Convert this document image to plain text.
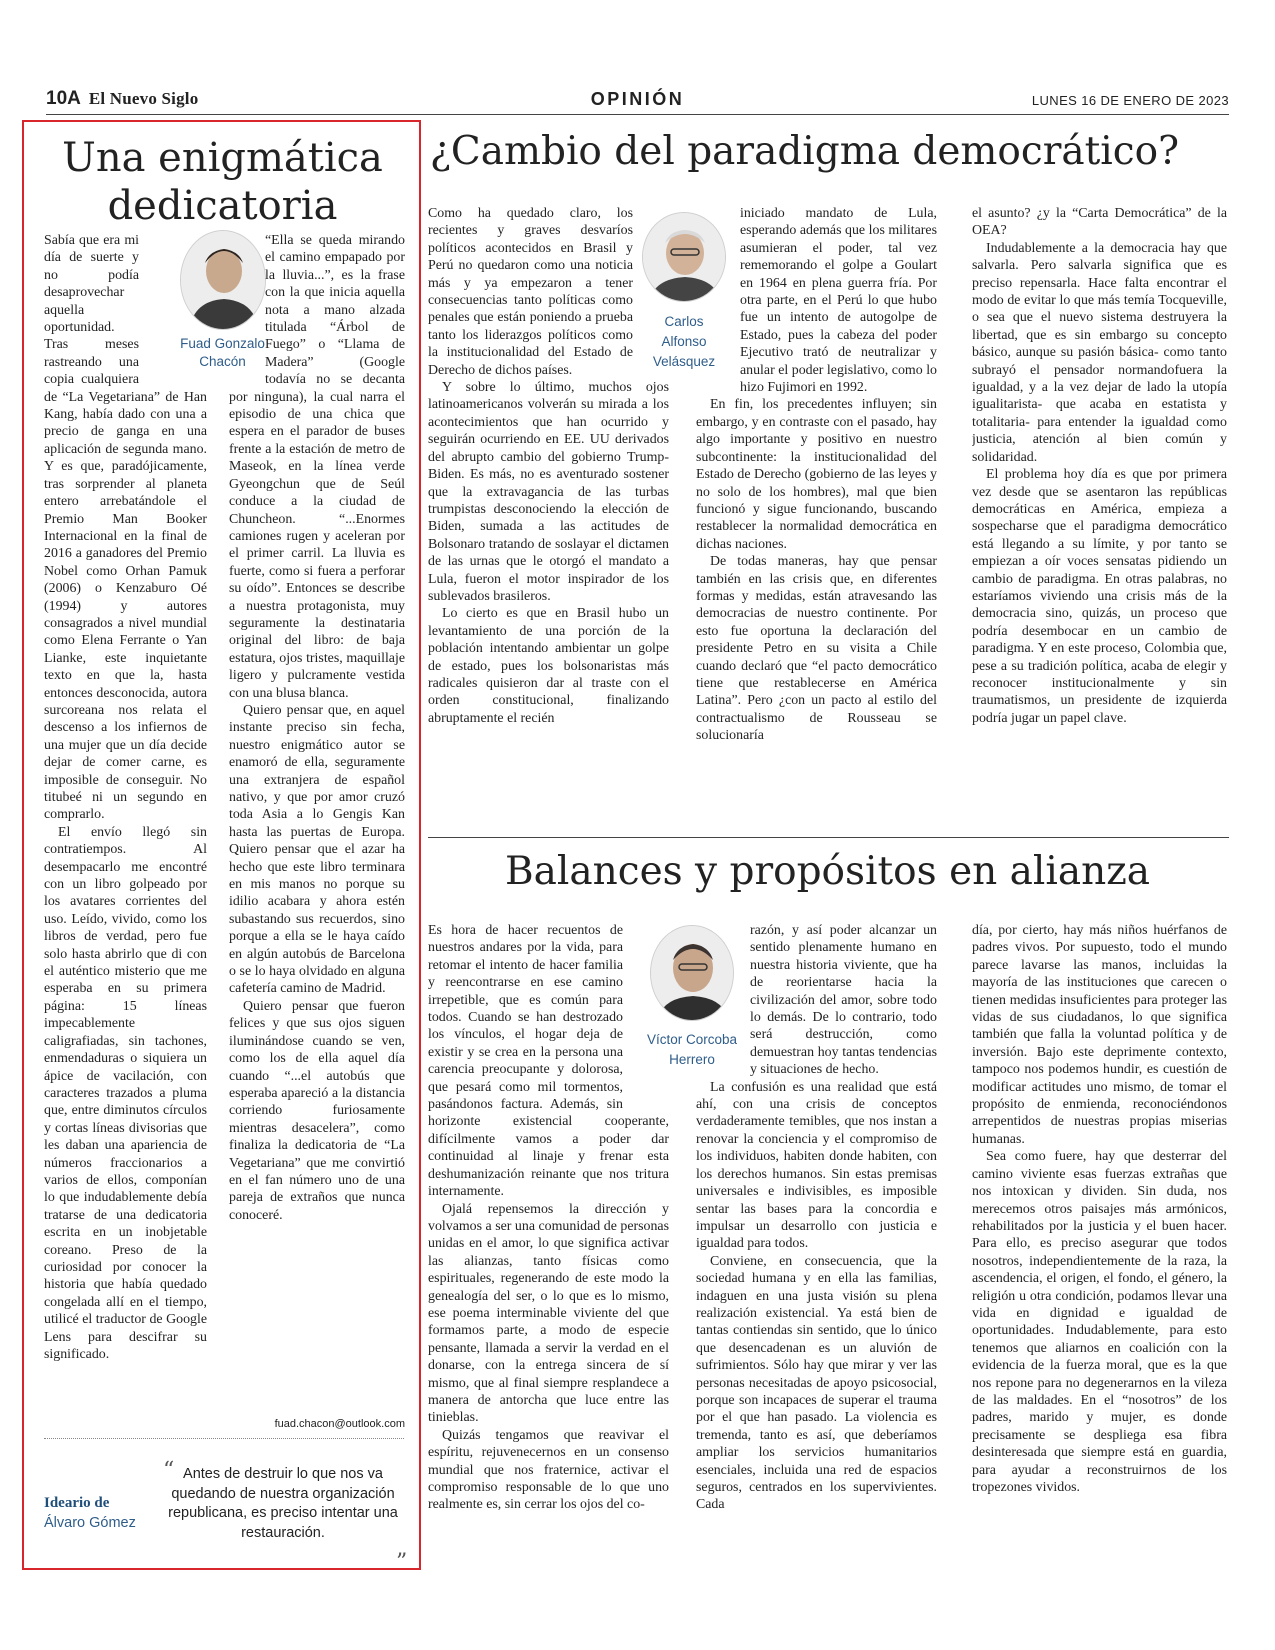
10A El Nuevo Siglo	OPINIÓN	LUNES 16 DE ENERO DE 2023
Una enigmática dedicatoria

Sabía que era mi día de suerte y no podía desaprovechar aquella oportunidad. Tras meses rastreando una copia cualquiera de “La Vegetariana” de Han Kang, había dado con una a precio de ganga en una aplicación de segunda mano. Y es que, paradójicamente, tras sorprender al planeta entero arrebatándole el Premio Man Booker Internacional en la final de 2016 a ganadores del Premio Nobel como Orhan Pamuk (2006) o Kenzaburo Oé (1994) y autores consagrados a nivel mundial como Elena Ferrante o Yan Lianke, este inquietante texto en que la, hasta entonces desconocida, autora surcoreana nos relata el descenso a los infiernos de una mujer que un día decide dejar de comer carne, es imposible de conseguir. No titubeé ni un segundo en comprarlo.

El envío llegó sin contratiempos. Al desempacarlo me encontré con un libro golpeado por los avatares corrientes del uso. Leído, vivido, como los libros de verdad, pero fue solo hasta abrirlo que di con el auténtico misterio que me esperaba en su primera página: 15 líneas impecablemente caligrafiadas, sin tachones, enmendaduras o siquiera un ápice de vacilación, con caracteres trazados a pluma que, entre diminutos círculos y cortas líneas divisorias que les daban una apariencia de números fraccionarios a varios de ellos, componían lo que indudablemente debía tratarse de una dedicatoria escrita en un inobjetable coreano. Preso de la curiosidad por conocer la historia que había quedado congelada allí en el tiempo, utilicé el traductor de Google Lens para descifrar su significado.

Fuad Gonzalo
Chacón

“Ella se queda mirando el camino empapado por la lluvia...”, es la frase con la que inicia aquella nota a mano alzada titulada “Árbol de Fuego” o “Llama de Madera” (Google todavía no se decanta por ninguna), la cual narra el episodio de una chica que espera en el parador de buses frente a la estación de metro de Maseok, en la línea verde Gyeongchun que de Seúl conduce a la ciudad de Chuncheon. “...Enormes camiones rugen y aceleran por el primer carril. La lluvia es fuerte, como si fuera a perforar su oído”. Entonces se describe a nuestra protagonista, muy seguramente la destinataria original del libro: de baja estatura, ojos tristes, maquillaje ligero y pulcramente vestida con una blusa blanca.

Quiero pensar que, en aquel instante preciso sin fecha, nuestro enigmático autor se enamoró de ella, seguramente una extranjera de español nativo, y que por amor cruzó toda Asia a lo Gengis Kan hasta las puertas de Europa. Quiero pensar que el azar ha hecho que este libro terminara en mis manos no porque su idilio acabara y ahora estén subastando sus recuerdos, sino porque a ella se le haya caído en algún autobús de Barcelona o se lo haya olvidado en alguna cafetería camino de Madrid.

Quiero pensar que fueron felices y que sus ojos siguen iluminándose cuando se ven, como los de ella aquel día cuando “...el autobús que esperaba apareció a la distancia corriendo furiosamente mientras desacelera”, como finaliza la dedicatoria de “La Vegetariana” que me convirtió en el fan número uno de una pareja de extraños que nunca conoceré.

fuad.chacon@outlook.com
Ideario de
Álvaro Gómez
“ Antes de destruir lo que nos va quedando de nuestra organización republicana, es preciso intentar una restauración.
”
¿Cambio del paradigma democrático?

Como ha quedado claro, los recientes y graves desvaríos políticos acontecidos en Brasil y Perú no quedaron como una noticia más y ya empezaron a tener consecuencias tanto políticas como penales que están poniendo a prueba tanto los liderazgos políticos como la institucionalidad del Estado de Derecho de dichos países.

Y sobre lo último, muchos ojos latinoamericanos volverán su mirada a los acontecimientos que han ocurrido y seguirán ocurriendo en EE. UU derivados del abrupto cambio del gobierno Trump- Biden. Es más, no es aventurado sostener que la extravagancia de las turbas trumpistas desconociendo la elección de Biden, sumada a las actitudes de Bolsonaro tratando de soslayar el dictamen de las urnas que le otorgó el mandato a Lula, fueron el motor inspirador de los sublevados brasileros.

Lo cierto es que en Brasil hubo un levantamiento de una porción de la población intentando ambientar un golpe de estado, pues los bolsonaristas más radicales quisieron dar al traste con el orden constitucional, finalizando abruptamente el recién

Carlos
Alfonso
Velásquez

iniciado mandato de Lula, esperando además que los militares asumieran el poder, tal vez rememorando el golpe a Goulart en 1964 en plena guerra fría. Por otra parte, en el Perú lo que hubo fue un intento de autogolpe de Estado, pues la cabeza del poder Ejecutivo trató de neutralizar y anular el poder legislativo, como lo hizo Fujimori en 1992.

En fin, los precedentes influyen; sin embargo, y en contraste con el pasado, hay algo importante y positivo en nuestro subcontinente: la institucionalidad del Estado de Derecho (gobierno de las leyes y no solo de los hombres), mal que bien funcionó y sigue funcionando, buscando restablecer la normalidad democrática en dichas naciones.

De todas maneras, hay que pensar también en las crisis que, en diferentes formas y medidas, están atravesando las democracias de nuestro continente. Por esto fue oportuna la declaración del presidente Petro en su visita a Chile cuando declaró que “el pacto democrático tiene que restablecerse en América Latina”. Pero ¿con un pacto al estilo del contractualismo de Rousseau se solucionaría

el asunto? ¿y la “Carta Democrática” de la OEA?

Indudablemente a la democracia hay que salvarla. Pero salvarla significa que es preciso repensarla. Hace falta encontrar el modo de evitar lo que más temía Tocqueville, o sea que el nuevo sistema destruyera la libertad, que es sin embargo su concepto básico, aunque su pasión básica- como tanto subrayó el pensador normandofuera la igualdad, y a la vez dejar de lado la utopía igualitarista- que acaba en estatista y totalitaria- para entender la igualdad como justicia, atención al bien común y solidaridad.

El problema hoy día es que por primera vez desde que se asentaron las repúblicas democráticas en América, empieza a sospecharse que el paradigma democrático está llegando a su límite, y por tanto se empiezan a oír voces sensatas pidiendo un cambio de paradigma. En otras palabras, no estaríamos viviendo una crisis más de la democracia sino, quizás, un proceso que podría desembocar en un cambio de paradigma. Y en este proceso, Colombia que, pese a su tradición política, acaba de elegir y reconocer institucionalmente y sin traumatismos, un presidente de izquierda podría jugar un papel clave.

Balances y propósitos en alianza

Es hora de hacer recuentos de nuestros andares por la vida, para retomar el intento de hacer familia y reencontrarse en ese camino irrepetible, que es común para todos. Cuando se han destrozado los vínculos, el hogar deja de existir y se crea en la persona una carencia preocupante y dolorosa, que pesará como mil tormentos, pasándonos factura. Además, sin horizonte existencial cooperante, difícilmente vamos a poder dar continuidad al linaje y frenar esta deshumanización reinante que nos tritura internamente.

Ojalá repensemos la dirección y volvamos a ser una comunidad de personas unidas en el amor, lo que significa activar las alianzas, tanto físicas como espirituales, regenerando de este modo la genealogía del ser, o lo que es lo mismo, ese poema interminable viviente del que formamos parte, a modo de especie pensante, llamada a servir la verdad en el donarse, con la entrega sincera de sí mismo, que al final siempre resplandece a manera de antorcha que luce entre las tinieblas.

Quizás tengamos que reavivar el espíritu, rejuvenecernos en un consenso mundial que nos fraternice, activar el compromiso responsable de lo que uno realmente es, sin cerrar los ojos del co-

Víctor Corcoba
Herrero

razón, y así poder alcanzar un sentido plenamente humano en nuestra historia viviente, que ha de reorientarse hacia la civilización del amor, sobre todo lo demás. De lo contrario, todo será destrucción, como demuestran hoy tantas tendencias y situaciones de hecho.

La confusión es una realidad que está ahí, con una crisis de conceptos verdaderamente temibles, que nos instan a renovar la conciencia y el compromiso de los individuos, habiten donde habiten, con los derechos humanos. Sin estas premisas universales e indivisibles, es imposible sentar las bases para la concordia e impulsar un desarrollo con justicia e igualdad para todos.

Conviene, en consecuencia, que la sociedad humana y en ella las familias, indaguen en una justa visión su plena realización existencial. Ya está bien de tantas contiendas sin sentido, que lo único que desencadenan es un aluvión de sufrimientos. Sólo hay que mirar y ver las personas necesitadas de apoyo psicosocial, porque son incapaces de superar el trauma por el que han pasado. La violencia es tremenda, tanto es así, que deberíamos ampliar los servicios humanitarios esenciales, incluida una red de espacios seguros, centrados en los supervivientes. Cada

día, por cierto, hay más niños huérfanos de padres vivos. Por supuesto, todo el mundo parece lavarse las manos, incluidas la mayoría de las instituciones que carecen o tienen medidas insuficientes para proteger las vidas de sus ciudadanos, lo que significa también que falla la voluntad política y de inversión. Bajo este deprimente contexto, tampoco nos podemos hundir, es cuestión de modificar actitudes uno mismo, de tomar el propósito de enmienda, reconociéndonos arrepentidos de nuestras propias miserias humanas.

Sea como fuere, hay que desterrar del camino viviente esas fuerzas extrañas que nos intoxican y dividen. Sin duda, nos merecemos otros paisajes más armónicos, rehabilitados por la justicia y el buen hacer. Para ello, es preciso asegurar que todos nosotros, independientemente de la raza, la ascendencia, el origen, el fondo, el género, la religión u otra condición, podamos llevar una vida en dignidad e igualdad de oportunidades. Indudablemente, para esto tenemos que aliarnos en coalición con la evidencia de la fuerza moral, que es la que nos repone para no degenerarnos en la vileza de las maldades. En el “nosotros” de los padres, marido y mujer, es donde precisamente se despliega esa fibra desinteresada que siempre está en guardia, para ayudar a reconstruirnos de los tropezones vividos.
